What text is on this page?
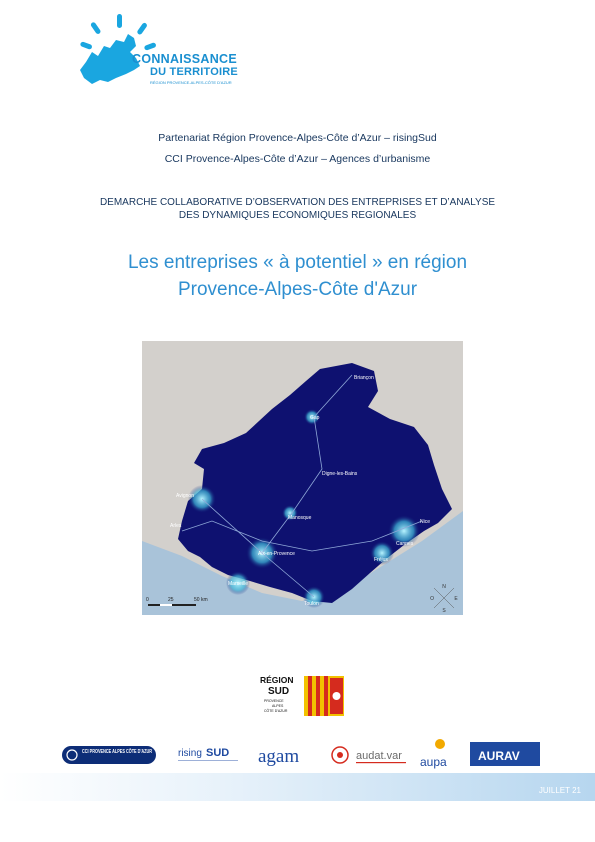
CONNAISSANCE
DU TERRITOIRE
RÉGION PROVENCE-ALPES-CÔTE D'AZUR
Partenariat Région Provence-Alpes-Côte d’Azur – risingSud
CCI Provence-Alpes-Côte d’Azur – Agences d’urbanisme
DEMARCHE COLLABORATIVE D’OBSERVATION DES ENTREPRISES ET D’ANALYSE
DES DYNAMIQUES ECONOMIQUES REGIONALES
Les entreprises « à potentiel » en région
Provence-Alpes-Côte d'Azur
Briançon
Gap
Digne-les-Bains
Avignon
Manosque
Arles
Nice
Aix-en-Provence
Cannes
Fréjus
Marseille
Toulon
0	25	50 km
N
S
E
O
RÉGION
SUD
PROVENCE
ALPES
CÔTE D'AZUR
CCI PROVENCE ALPES CÔTE D'AZUR
rising SUD agam	audat.var aupa	AURAV
JUILLET 21
